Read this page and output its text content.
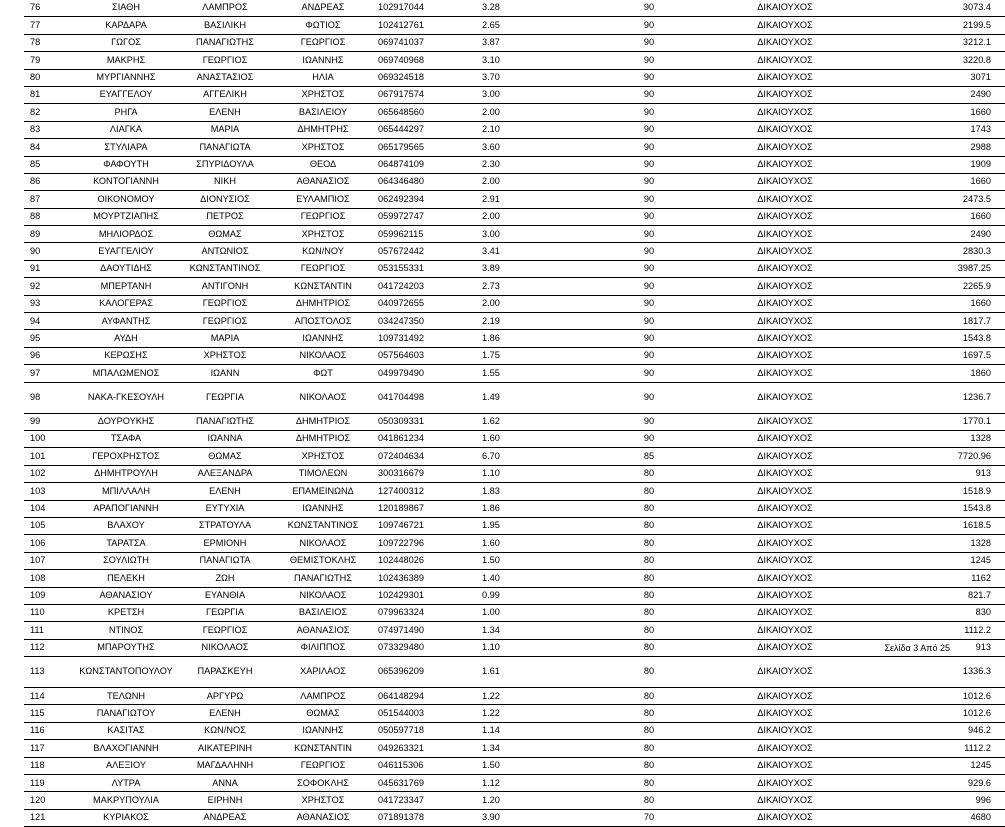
76	ΣΙΑΘΗ	ΛΑΜΠΡΟΣ	ΑΝΔΡΕΑΣ	102917044	3.28	90	ΔΙΚΑΙΟΥΧΟΣ	3073.4
77	ΚΑΡΔΑΡΑ	ΒΑΣΙΛΙΚΗ	ΦΩΤΙΟΣ	102412761	2.65	90	ΔΙΚΑΙΟΥΧΟΣ	2199.5
78	ΓΩΓΟΣ	ΠΑΝΑΓΙΩΤΗΣ	ΓΕΩΡΓΙΟΣ	069741037	3.87	90	ΔΙΚΑΙΟΥΧΟΣ	3212.1
79	ΜΑΚΡΗΣ	ΓΕΩΡΓΙΟΣ	ΙΩΑΝΝΗΣ	069740968	3.10	90	ΔΙΚΑΙΟΥΧΟΣ	3220.8
80	ΜΥΡΓΙΑΝΝΗΣ	ΑΝΑΣΤΑΣΙΟΣ	ΗΛΙΑ	069324518	3.70	90	ΔΙΚΑΙΟΥΧΟΣ	3071
81	ΕΥΑΓΓΕΛΟΥ	ΑΓΓΕΛΙΚΗ	ΧΡΗΣΤΟΣ	067917574	3.00	90	ΔΙΚΑΙΟΥΧΟΣ	2490
82	ΡΗΓΑ	ΕΛΕΝΗ	ΒΑΣΙΛΕΙΟΥ	065648560	2.00	90	ΔΙΚΑΙΟΥΧΟΣ	1660
83	ΛΙΑΓΚΑ	ΜΑΡΙΑ	ΔΗΜΗΤΡΗΣ	065444297	2.10	90	ΔΙΚΑΙΟΥΧΟΣ	1743
84	ΣΤΥΛΙΑΡΑ	ΠΑΝΑΓΙΩΤΑ	ΧΡΗΣΤΟΣ	065179565	3.60	90	ΔΙΚΑΙΟΥΧΟΣ	2988
85	ΦΑΦΟΥΤΗ	ΣΠΥΡΙΔΟΥΛΑ	ΘΕΟΔ	064874109	2.30	90	ΔΙΚΑΙΟΥΧΟΣ	1909
86	ΚΟΝΤΟΓΙΑΝΝΗ	ΝΙΚΗ	ΑΘΑΝΑΣΙΟΣ	064346480	2.00	90	ΔΙΚΑΙΟΥΧΟΣ	1660
87	ΟΙΚΟΝΟΜΟΥ	ΔΙΟΝΥΣΙΟΣ	ΕΥΛΑΜΠΙΟΣ	062492394	2.91	90	ΔΙΚΑΙΟΥΧΟΣ	2473.5
88	ΜΟΥΡΤΖΙΑΠΗΣ	ΠΕΤΡΟΣ	ΓΕΩΡΓΙΟΣ	059972747	2.00	90	ΔΙΚΑΙΟΥΧΟΣ	1660
89	ΜΗΛΙΟΡΔΟΣ	ΘΩΜΑΣ	ΧΡΗΣΤΟΣ	059962115	3.00	90	ΔΙΚΑΙΟΥΧΟΣ	2490
90	ΕΥΑΓΓΕΛΙΟΥ	ΑΝΤΩΝΙΟΣ	ΚΩΝ/ΝΟΥ	057672442	3.41	90	ΔΙΚΑΙΟΥΧΟΣ	2830.3
91	ΔΑΟΥΤΙΔΗΣ	ΚΩΝΣΤΑΝΤΙΝΟΣ	ΓΕΩΡΓΙΟΣ	053155331	3.89	90	ΔΙΚΑΙΟΥΧΟΣ	3987.25
92	ΜΠΕΡΤΑΝΗ	ΑΝΤΙΓΟΝΗ	ΚΩΝΣΤΑΝΤΙΝ	041724203	2.73	90	ΔΙΚΑΙΟΥΧΟΣ	2265.9
93	ΚΑΛΟΓΕΡΑΣ	ΓΕΩΡΓΙΟΣ	ΔΗΜΗΤΡΙΟΣ	040972655	2.00	90	ΔΙΚΑΙΟΥΧΟΣ	1660
94	ΑΥΦΑΝΤΗΣ	ΓΕΩΡΓΙΟΣ	ΑΠΟΣΤΟΛΟΣ	034247350	2.19	90	ΔΙΚΑΙΟΥΧΟΣ	1817.7
95	ΑΥΔΗ	ΜΑΡΙΑ	ΙΩΑΝΝΗΣ	109731492	1.86	90	ΔΙΚΑΙΟΥΧΟΣ	1543.8
96	ΚΕΡΩΣΗΣ	ΧΡΗΣΤΟΣ	ΝΙΚΟΛΑΟΣ	057564603	1.75	90	ΔΙΚΑΙΟΥΧΟΣ	1697.5
97	ΜΠΑΛΩΜΕΝΟΣ	ΙΩΑΝΝ	ΦΩΤ	049979490	1.55	90	ΔΙΚΑΙΟΥΧΟΣ	1860
98	ΝΑΚΑ-ΓΚΕΣΟΥΛΗ	ΓΕΩΡΓΙΑ	ΝΙΚΟΛΑΟΣ	041704498	1.49	90	ΔΙΚΑΙΟΥΧΟΣ	1236.7
99	ΔΟΥΡΟΥΚΗΣ	ΠΑΝΑΓΙΩΤΗΣ	ΔΗΜΗΤΡΙΟΣ	050309331	1.62	90	ΔΙΚΑΙΟΥΧΟΣ	1770.1
100	ΤΣΑΦΑ	ΙΩΑΝΝΑ	ΔΗΜΗΤΡΙΟΣ	041861234	1.60	90	ΔΙΚΑΙΟΥΧΟΣ	1328
101	ΓΕΡΟΧΡΗΣΤΟΣ	ΘΩΜΑΣ	ΧΡΗΣΤΟΣ	072404634	6.70	85	ΔΙΚΑΙΟΥΧΟΣ	7720.96
102	ΔΗΜΗΤΡΟΥΛΗ	ΑΛΕΞΑΝΔΡΑ	ΤΙΜΟΛΕΩΝ	300316679	1.10	80	ΔΙΚΑΙΟΥΧΟΣ	913
103	ΜΠΙΛΛΑΛΗ	ΕΛΕΝΗ	ΕΠΑΜΕΙΝΩΝΔ	127400312	1.83	80	ΔΙΚΑΙΟΥΧΟΣ	1518.9
104	ΑΡΑΠΟΓΙΑΝΝΗ	ΕΥΤΥΧΙΑ	ΙΩΑΝΝΗΣ	120189867	1.86	80	ΔΙΚΑΙΟΥΧΟΣ	1543.8
105	ΒΛΑΧΟΥ	ΣΤΡΑΤΟΥΛΑ	ΚΩΝΣΤΑΝΤΙΝΟΣ	109746721	1.95	80	ΔΙΚΑΙΟΥΧΟΣ	1618.5
106	ΤΑΡΑΤΣΑ	ΕΡΜΙΟΝΗ	ΝΙΚΟΛΑΟΣ	109722796	1.60	80	ΔΙΚΑΙΟΥΧΟΣ	1328
107	ΣΟΥΛΙΩΤΗ	ΠΑΝΑΓΙΩΤΑ	ΘΕΜΙΣΤΟΚΛΗΣ	102448026	1.50	80	ΔΙΚΑΙΟΥΧΟΣ	1245
108	ΠΕΛΕΚΗ	ΖΩΗ	ΠΑΝΑΓΙΩΤΗΣ	102436389	1.40	80	ΔΙΚΑΙΟΥΧΟΣ	1162
109	ΑΘΑΝΑΣΙΟΥ	ΕΥΑΝΘΙΑ	ΝΙΚΟΛΑΟΣ	102429301	0.99	80	ΔΙΚΑΙΟΥΧΟΣ	821.7
110	ΚΡΕΤΣΗ	ΓΕΩΡΓΙΑ	ΒΑΣΙΛΕΙΟΣ	079963324	1.00	80	ΔΙΚΑΙΟΥΧΟΣ	830
111	ΝΤΙΝΟΣ	ΓΕΩΡΓΙΟΣ	ΑΘΑΝΑΣΙΟΣ	074971490	1.34	80	ΔΙΚΑΙΟΥΧΟΣ	1112.2
112	ΜΠΑΡΟΥΤΗΣ	ΝΙΚΟΛΑΟΣ	ΦΙΛΙΠΠΟΣ	073329480	1.10	80	ΔΙΚΑΙΟΥΧΟΣ	913
113	ΚΩΝΣΤΑΝΤΟΠΟΥΛΟΥ	ΠΑΡΑΣΚΕΥΗ	ΧΑΡΙΛΑΟΣ	065396209	1.61	80	ΔΙΚΑΙΟΥΧΟΣ	1336.3
114	ΤΕΛΩΝΗ	ΑΡΓΥΡΩ	ΛΑΜΠΡΟΣ	064148294	1.22	80	ΔΙΚΑΙΟΥΧΟΣ	1012.6
115	ΠΑΝΑΓΙΩΤΟΥ	ΕΛΕΝΗ	ΘΩΜΑΣ	051544003	1.22	80	ΔΙΚΑΙΟΥΧΟΣ	1012.6
116	ΚΑΣΙΤΑΣ	ΚΩΝ/ΝΟΣ	ΙΩΑΝΝΗΣ	050597718	1.14	80	ΔΙΚΑΙΟΥΧΟΣ	946.2
117	ΒΛΑΧΟΓΙΑΝΝΗ	ΑΙΚΑΤΕΡΙΝΗ	ΚΩΝΣΤΑΝΤΙΝ	049263321	1.34	80	ΔΙΚΑΙΟΥΧΟΣ	1112.2
118	ΑΛΕΞΙΟΥ	ΜΑΓΔΑΛΗΝΗ	ΓΕΩΡΓΙΟΣ	046115306	1.50	80	ΔΙΚΑΙΟΥΧΟΣ	1245
119	ΛΥΤΡΑ	ΑΝΝΑ	ΣΟΦΟΚΛΗΣ	045631769	1.12	80	ΔΙΚΑΙΟΥΧΟΣ	929.6
120	ΜΑΚΡΥΠΟΥΛΙΑ	ΕΙΡΗΝΗ	ΧΡΗΣΤΟΣ	041723347	1.20	80	ΔΙΚΑΙΟΥΧΟΣ	996
121	ΚΥΡΙΑΚΟΣ	ΑΝΔΡΕΑΣ	ΑΘΑΝΑΣΙΟΣ	071891378	3.90	70	ΔΙΚΑΙΟΥΧΟΣ	4680
Σελίδα 3 Από 25
